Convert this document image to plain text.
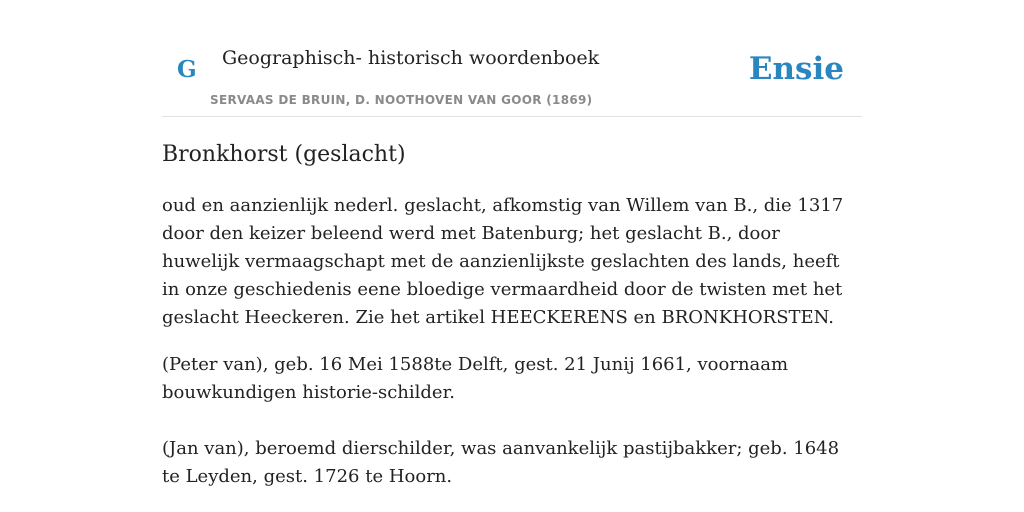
G Geographisch- historisch woordenboek
SERVAAS DE BRUIN, D. NOOTHOVEN VAN GOOR (1869)
Ensie
Bronkhorst (geslacht)

oud en aanzienlijk nederl. geslacht, afkomstig van Willem van B., die 1317 door den keizer beleend werd met Batenburg; het geslacht B., door huwelijk vermaagschapt met de aanzienlijkste geslachten des lands, heeft in onze geschiedenis eene bloedige vermaardheid door de twisten met het geslacht Heeckeren. Zie het artikel HEECKERENS en BRONKHORSTEN.

(Peter van), geb. 16 Mei 1588te Delft, gest. 21 Junij 1661, voornaam bouwkundigen historie-schilder.

(Jan van), beroemd dierschilder, was aanvankelijk pastijbakker; geb. 1648 te Leyden, gest. 1726 te Hoorn.
